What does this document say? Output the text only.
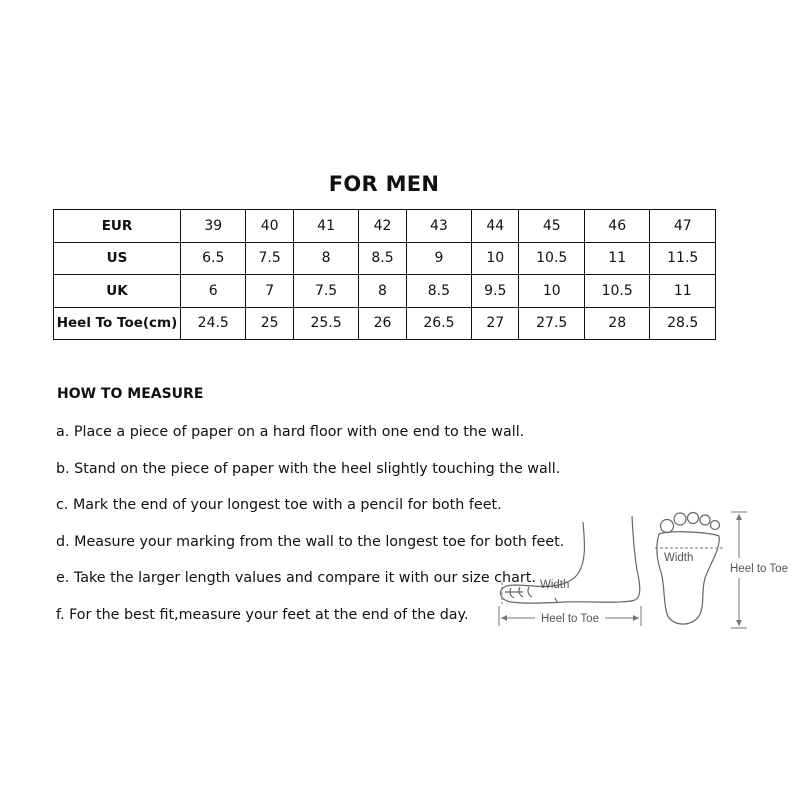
FOR MEN
EUR	39	40	41	42	43	44	45	46	47
US	6.5	7.5	8	8.5	9	10	10.5	11	11.5
UK	6	7	7.5	8	8.5	9.5	10	10.5	11
Heel To Toe(cm)	24.5	25	25.5	26	26.5	27	27.5	28	28.5
HOW TO MEASURE
a. Place a piece of paper on a hard floor with one end to the wall.
b. Stand on the piece of paper with the heel slightly touching the wall.
c. Mark the end of your longest toe with a pencil for both feet.
d. Measure your marking from the wall to the longest toe for both feet.
e. Take the larger length values and compare it with our size chart.
f. For the best fit,measure your feet at the end of the day.
Width
Heel to Toe
Width
Heel to Toe
